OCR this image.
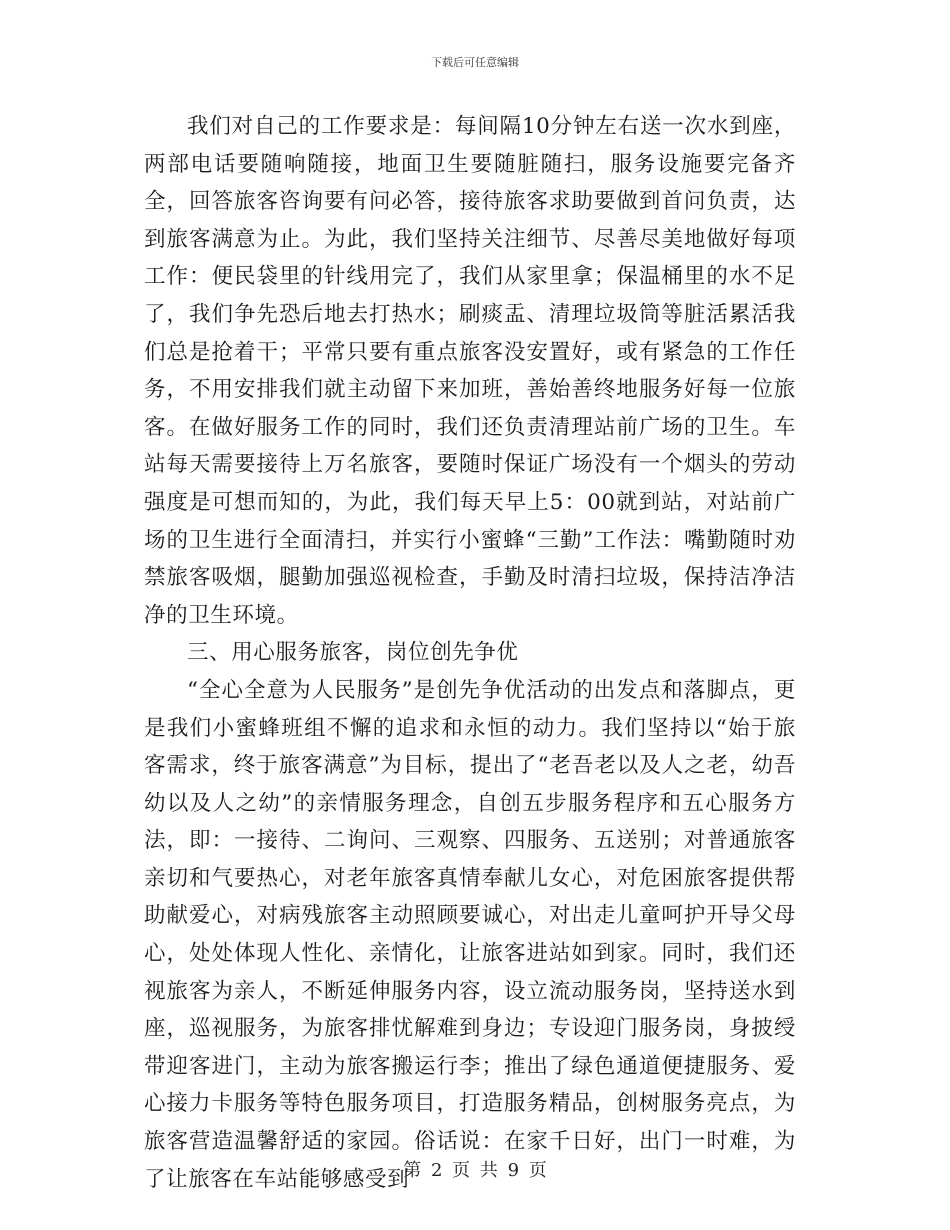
下载后可任意编辑

我们对自己的工作要求是：每间隔10分钟左右送一次水到座，两部电话要随响随接，地面卫生要随脏随扫，服务设施要完备齐全，回答旅客咨询要有问必答，接待旅客求助要做到首问负责，达到旅客满意为止。为此，我们坚持关注细节、尽善尽美地做好每项工作：便民袋里的针线用完了，我们从家里拿；保温桶里的水不足了，我们争先恐后地去打热水；刷痰盂、清理垃圾筒等脏活累活我们总是抢着干；平常只要有重点旅客没安置好，或有紧急的工作任务，不用安排我们就主动留下来加班，善始善终地服务好每一位旅客。在做好服务工作的同时，我们还负责清理站前广场的卫生。车站每天需要接待上万名旅客，要随时保证广场没有一个烟头的劳动强度是可想而知的，为此，我们每天早上5：00就到站，对站前广场的卫生进行全面清扫，并实行小蜜蜂“三勤”工作法：嘴勤随时劝禁旅客吸烟，腿勤加强巡视检查，手勤及时清扫垃圾，保持洁净洁净的卫生环境。

三、用心服务旅客，岗位创先争优

“全心全意为人民服务”是创先争优活动的出发点和落脚点，更是我们小蜜蜂班组不懈的追求和永恒的动力。我们坚持以“始于旅客需求，终于旅客满意”为目标，提出了“老吾老以及人之老，幼吾幼以及人之幼”的亲情服务理念，自创五步服务程序和五心服务方法，即：一接待、二询问、三观察、四服务、五送别；对普通旅客亲切和气要热心，对老年旅客真情奉献儿女心，对危困旅客提供帮助献爱心，对病残旅客主动照顾要诚心，对出走儿童呵护开导父母心，处处体现人性化、亲情化，让旅客进站如到家。同时，我们还视旅客为亲人，不断延伸服务内容，设立流动服务岗，坚持送水到座，巡视服务，为旅客排忧解难到身边；专设迎门服务岗，身披绶带迎客进门，主动为旅客搬运行李；推出了绿色通道便捷服务、爱心接力卡服务等特色服务项目，打造服务精品，创树服务亮点，为旅客营造温馨舒适的家园。俗话说：在家千日好，出门一时难，为了让旅客在车站能够感受到

第 2 页 共 9 页
